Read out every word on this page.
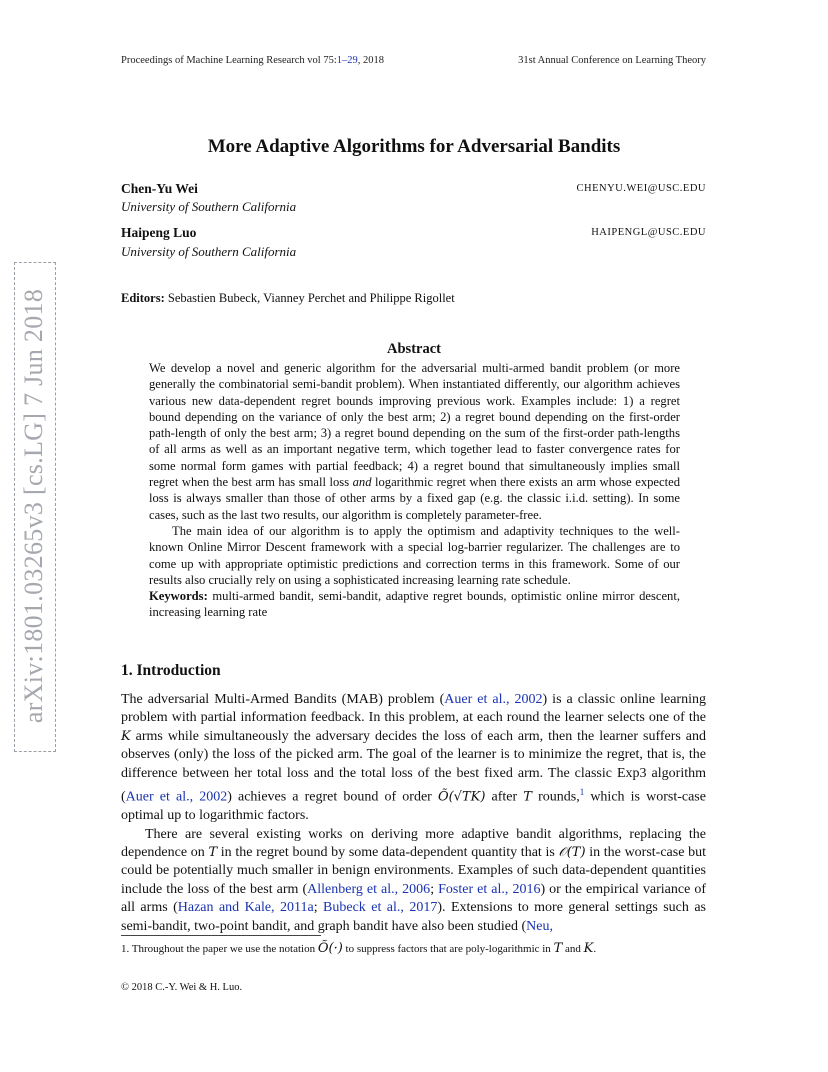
Proceedings of Machine Learning Research vol 75:1–29, 2018	31st Annual Conference on Learning Theory
arXiv:1801.03265v3 [cs.LG] 7 Jun 2018
More Adaptive Algorithms for Adversarial Bandits
Chen-Yu Wei	CHENYU.WEI@USC.EDU
University of Southern California
Haipeng Luo	HAIPENGL@USC.EDU
University of Southern California
Editors: Sebastien Bubeck, Vianney Perchet and Philippe Rigollet
Abstract

We develop a novel and generic algorithm for the adversarial multi-armed bandit problem (or more generally the combinatorial semi-bandit problem). When instantiated differently, our algorithm achieves various new data-dependent regret bounds improving previous work. Examples include: 1) a regret bound depending on the variance of only the best arm; 2) a regret bound depending on the first-order path-length of only the best arm; 3) a regret bound depending on the sum of the first-order path-lengths of all arms as well as an important negative term, which together lead to faster convergence rates for some normal form games with partial feedback; 4) a regret bound that simultaneously implies small regret when the best arm has small loss and logarithmic regret when there exists an arm whose expected loss is always smaller than those of other arms by a fixed gap (e.g. the classic i.i.d. setting). In some cases, such as the last two results, our algorithm is completely parameter-free.

The main idea of our algorithm is to apply the optimism and adaptivity techniques to the well-known Online Mirror Descent framework with a special log-barrier regularizer. The challenges are to come up with appropriate optimistic predictions and correction terms in this framework. Some of our results also crucially rely on using a sophisticated increasing learning rate schedule.

Keywords: multi-armed bandit, semi-bandit, adaptive regret bounds, optimistic online mirror descent, increasing learning rate

1. Introduction

The adversarial Multi-Armed Bandits (MAB) problem (Auer et al., 2002) is a classic online learning problem with partial information feedback. In this problem, at each round the learner selects one of the K arms while simultaneously the adversary decides the loss of each arm, then the learner suffers and observes (only) the loss of the picked arm. The goal of the learner is to minimize the regret, that is, the difference between her total loss and the total loss of the best fixed arm. The classic Exp3 algorithm (Auer et al., 2002) achieves a regret bound of order Õ(√TK) after T rounds,$^1$ which is worst-case optimal up to logarithmic factors.

There are several existing works on deriving more adaptive bandit algorithms, replacing the dependence on T in the regret bound by some data-dependent quantity that is 𝒪(T) in the worst-case but could be potentially much smaller in benign environments. Examples of such data-dependent quantities include the loss of the best arm (Allenberg et al., 2006; Foster et al., 2016) or the empirical variance of all arms (Hazan and Kale, 2011a; Bubeck et al., 2017). Extensions to more general settings such as semi-bandit, two-point bandit, and graph bandit have also been studied (Neu,

1. Throughout the paper we use the notation Õ(·) to suppress factors that are poly-logarithmic in T and K.
© 2018 C.-Y. Wei & H. Luo.
